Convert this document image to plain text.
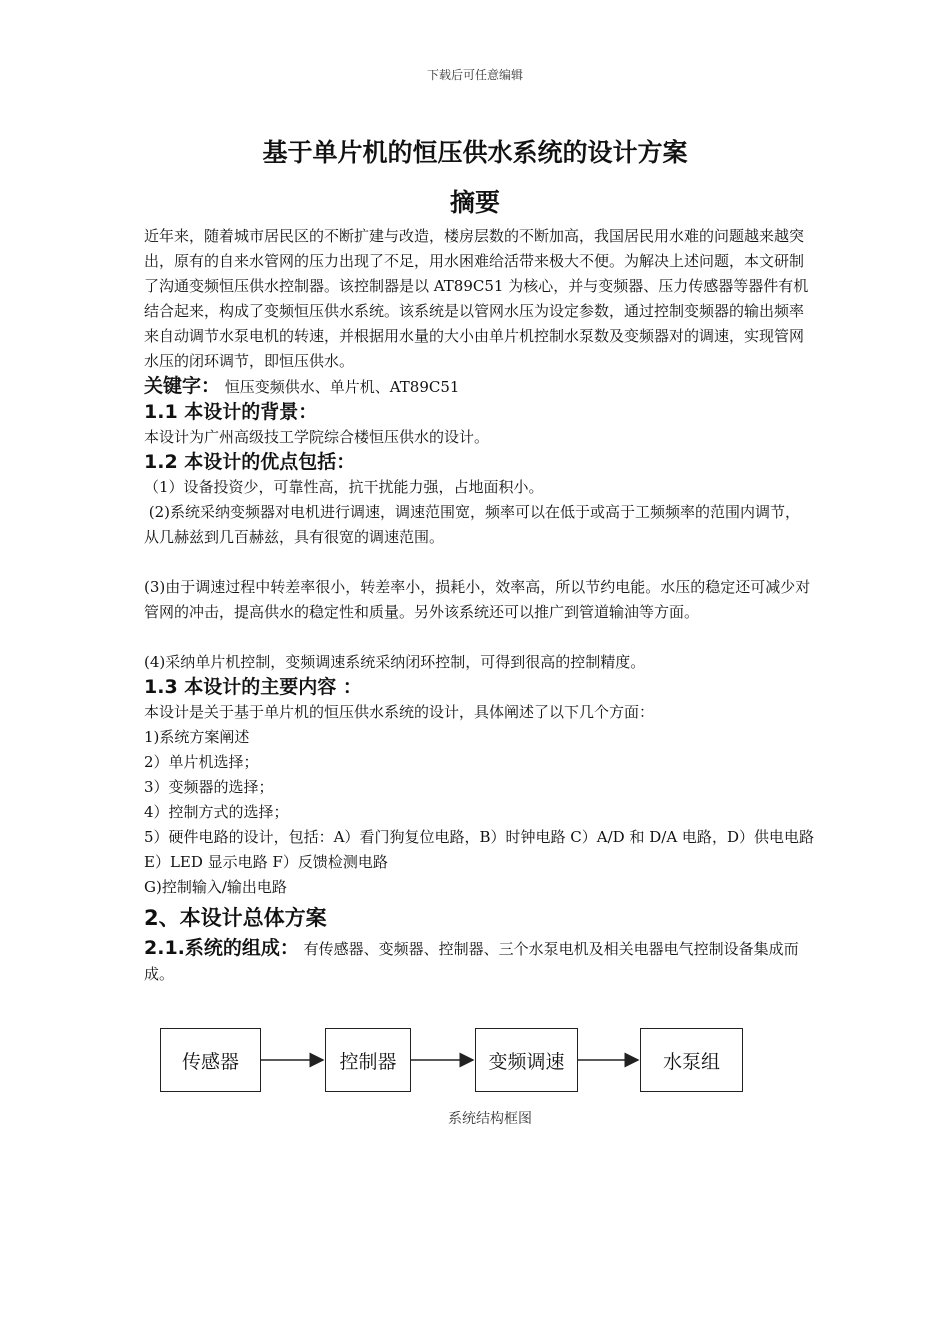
下载后可任意编辑
基于单片机的恒压供水系统的设计方案
摘要

近年来，随着城市居民区的不断扩建与改造，楼房层数的不断加高，我国居民用水难的问题越来越突出，原有的自来水管网的压力出现了不足，用水困难给活带来极大不便。为解决上述问题，本文研制了沟通变频恒压供水控制器。该控制器是以 AT89C51 为核心，并与变频器、压力传感器等器件有机结合起来，构成了变频恒压供水系统。该系统是以管网水压为设定参数，通过控制变频器的输出频率来自动调节水泵电机的转速，并根据用水量的大小由单片机控制水泵数及变频器对的调速，实现管网水压的闭环调节，即恒压供水。

关键字： 恒压变频供水、单片机、AT89C51

1.1 本设计的背景：

本设计为广州高级技工学院综合楼恒压供水的设计。

1.2 本设计的优点包括：

（1）设备投资少，可靠性高，抗干扰能力强，占地面积小。

(2)系统采纳变频器对电机进行调速，调速范围宽，频率可以在低于或高于工频频率的范围内调节，从几赫兹到几百赫兹，具有很宽的调速范围。

(3)由于调速过程中转差率很小，转差率小，损耗小，效率高，所以节约电能。水压的稳定还可减少对管网的冲击，提高供水的稳定性和质量。另外该系统还可以推广到管道输油等方面。

(4)采纳单片机控制，变频调速系统采纳闭环控制，可得到很高的控制精度。

1.3 本设计的主要内容 ：

本设计是关于基于单片机的恒压供水系统的设计，具体阐述了以下几个方面：

1)系统方案阐述

2）单片机选择；

3）变频器的选择；

4）控制方式的选择；

5）硬件电路的设计，包括：A）看门狗复位电路，B）时钟电路 C）A/D 和 D/A 电路，D）供电电路 E）LED 显示电路 F）反馈检测电路

G)控制输入/输出电路

2、本设计总体方案

2.1.系统的组成： 有传感器、变频器、控制器、三个水泵电机及相关电器电气控制设备集成而成。

传感器	控制器	变频调速	水泵组
系统结构框图
